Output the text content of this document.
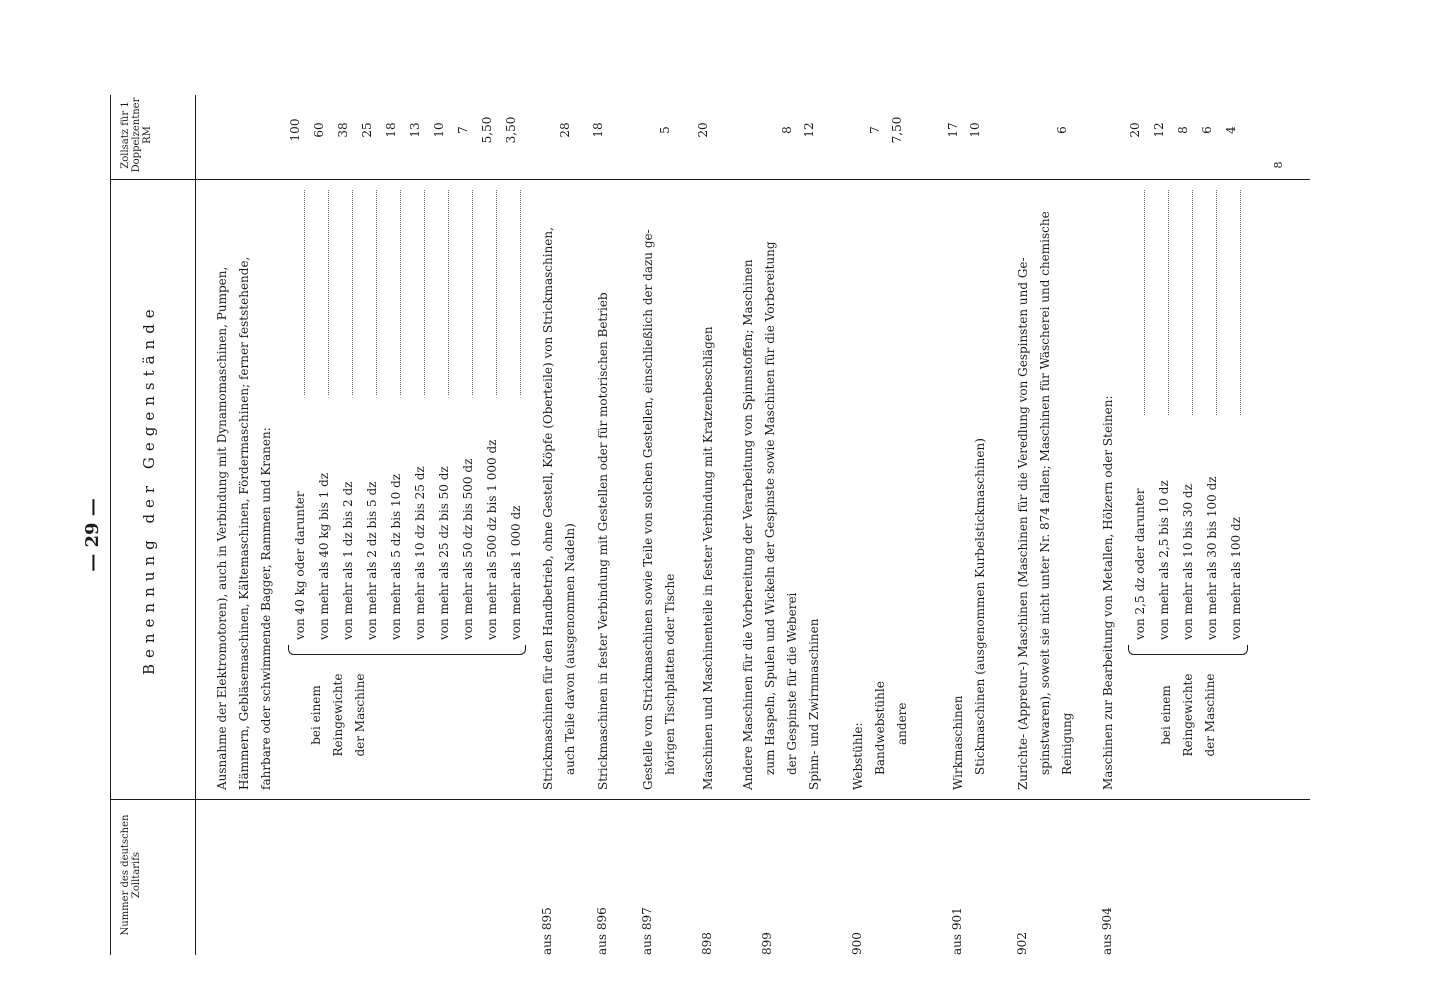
— 29 —
Nummer des deutschen Zolltarifs
Benennung der Gegenstände
Zollsatz für 1 Doppelzentner RM
Ausnahme der Elektromotoren), auch in Verbindung mit Dynamomaschinen, Pumpen, Hämmern, Gebläsemaschinen, Kältemaschinen, Fördermaschinen; ferner feststehende, fahrbare oder schwimmende Bagger, Rammen und Kranen:	bei einem Reingewichte der Maschine
von 40 kg oder darunter
100
von mehr als 40 kg bis 1 dz
60
von mehr als 1 dz bis 2 dz
38
von mehr als 2 dz bis 5 dz
25
von mehr als 5 dz bis 10 dz
18
von mehr als 10 dz bis 25 dz
13
von mehr als 25 dz bis 50 dz
10
von mehr als 50 dz bis 500 dz
7
von mehr als 500 dz bis 1 000 dz
5,50
von mehr als 1 000 dz
3,50
aus 895
Strickmaschinen für den Handbetrieb, ohne Gestell, Köpfe (Oberteile) von Strickmaschinen, auch Teile davon (ausgenommen Nadeln)
28
aus 896
Strickmaschinen in fester Verbindung mit Gestellen oder für motorischen Betrieb
18
aus 897
Gestelle von Strickmaschinen sowie Teile von solchen Gestellen, einschließlich der dazu ge- hörigen Tischplatten oder Tische
5
898
Maschinen und Maschinenteile in fester Verbindung mit Kratzenbeschlägen
20
899
Andere Maschinen für die Vorbereitung der Verarbeitung von Spinnstoffen; Maschinen zum Haspeln, Spulen und Wickeln der Gespinste sowie Maschinen für die Vorbereitung der Gespinste für die Weberei Spinn- und Zwirnmaschinen
8 12
900
Webstühle: Bandwebstühle andere
7 7,50
aus 901
Wirkmaschinen Stickmaschinen (ausgenommen Kurbelstickmaschinen)
17 10
902
Zurichte- (Appretur-) Maschinen (Maschinen für die Veredlung von Gespinsten und Ge- spinstwaren), soweit sie nicht unter Nr. 874 fallen; Maschinen für Wäscherei und chemische Reinigung
6
aus 904
Maschinen zur Bearbeitung von Metallen, Hölzern oder Steinen:	bei einem Reingewichte der Maschine
von 2,5 dz oder darunter
20
von mehr als 2,5 bis 10 dz
12
von mehr als 10 bis 30 dz
8
von mehr als 30 bis 100 dz
6
von mehr als 100 dz
4
8
